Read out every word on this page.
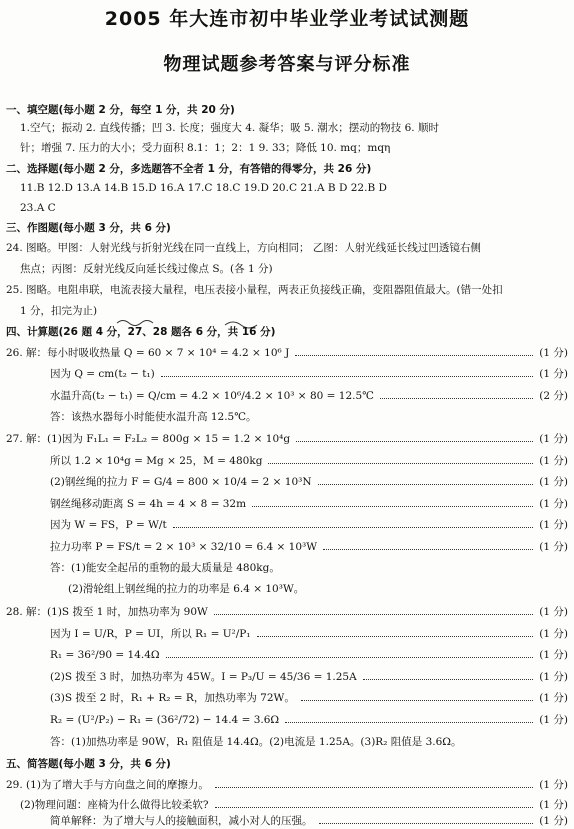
2005 年大连市初中毕业学业考试试测题
物理试题参考答案与评分标准
一、填空题(每小题 2 分，每空 1 分，共 20 分)
1.空气；振动 2. 直线传播；凹 3. 长度；强度大 4. 凝华；吸 5. 潮水；摆动的物技 6. 顺时
针；增强 7. 压力的大小；受力面积 8.1：1；2：1 9. 33；降低 10. mq；mqη
二、选择题(每小题 2 分，多选题答不全者 1 分，有答错的得零分，共 26 分)
11.B 12.D 13.A 14.B 15.D 16.A 17.C 18.C 19.D 20.C 21.A B D 22.B D
23.A C
三、作图题(每小题 3 分，共 6 分)
24. 图略。甲图：人射光线与折射光线在同一直线上，方向相同； 乙图：人射光线延长线过凹透镜右侧
焦点；丙图：反射光线反向延长线过像点 S。(各 1 分)
25. 图略。电阻串联，电流表接大量程，电压表接小量程，两表正负接线正确，变阻器阻值最大。(错一处扣
1 分，扣完为止)
四、计算题(26 题 4 分，27、28 题各 6 分，共 16 分)
26. 解：每小时吸收热量 Q = 60 × 7 × 10⁴ = 4.2 × 10⁶ J	(1 分)
因为 Q = cm(t₂ − t₁)	(1 分)
水温升高(t₂ − t₁) = Q/cm = 4.2 × 10⁶/4.2 × 10³ × 80 = 12.5℃	(2 分)
答：该热水器每小时能使水温升高 12.5℃。
27. 解：(1)因为 F₁L₁ = F₂L₂ = 800g × 15 = 1.2 × 10⁴g	(1 分)
所以 1.2 × 10⁴g = Mg × 25，M = 480kg	(1 分)
(2)钢丝绳的拉力 F = G/4 = 800 × 10/4 = 2 × 10³N	(1 分)
钢丝绳移动距离 S = 4h = 4 × 8 = 32m	(1 分)
因为 W = FS，P = W/t	(1 分)
拉力功率 P = FS/t = 2 × 10³ × 32/10 = 6.4 × 10³W	(1 分)
答：(1)能安全起吊的重物的最大质量是 480kg。
(2)滑轮组上钢丝绳的拉力的功率是 6.4 × 10³W。
28. 解：(1)S 拨至 1 时，加热功率为 90W	(1 分)
因为 I = U/R，P = UI，所以 R₁ = U²/P₁	(1 分)
R₁ = 36²/90 = 14.4Ω	(1 分)
(2)S 拨至 3 时，加热功率为 45W。I = P₃/U = 45/36 = 1.25A	(1 分)
(3)S 拨至 2 时，R₁ + R₂ = R，加热功率为 72W。	(1 分)
R₂ = (U²/P₂) − R₁ = (36²/72) − 14.4 = 3.6Ω	(1 分)
答：(1)加热功率是 90W，R₁ 阻值是 14.4Ω。(2)电流是 1.25A。(3)R₂ 阻值是 3.6Ω。
五、简答题(每小题 3 分，共 6 分)
29. (1)为了增大手与方向盘之间的摩擦力。	(1 分)
(2)物理问题：座椅为什么做得比较柔软?	(1 分)
简单解释：为了增大与人的接触面积，减小对人的压强。	(1 分)
